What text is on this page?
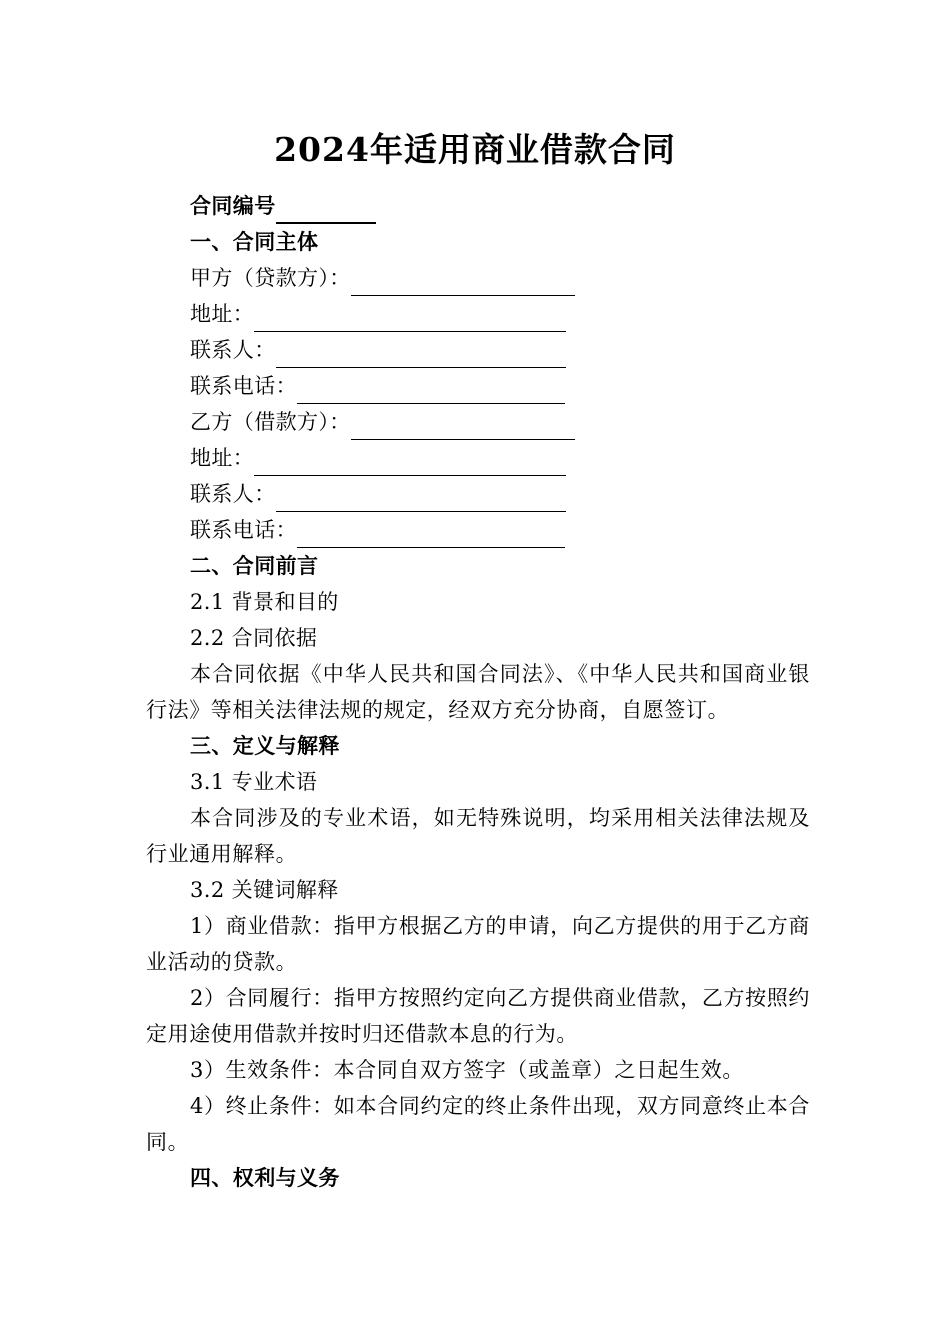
2024年适用商业借款合同
合同编号
一、合同主体
甲方（贷款方）：
地址：
联系人：
联系电话：
乙方（借款方）：
地址：
联系人：
联系电话：
二、合同前言
2.1 背景和目的
2.2 合同依据
本合同依据《中华人民共和国合同法》、《中华人民共和国商业银行法》等相关法律法规的规定，经双方充分协商，自愿签订。
三、定义与解释
3.1 专业术语
本合同涉及的专业术语，如无特殊说明，均采用相关法律法规及行业通用解释。
3.2 关键词解释
1）商业借款：指甲方根据乙方的申请，向乙方提供的用于乙方商业活动的贷款。
2）合同履行：指甲方按照约定向乙方提供商业借款，乙方按照约定用途使用借款并按时归还借款本息的行为。
3）生效条件：本合同自双方签字（或盖章）之日起生效。
4）终止条件：如本合同约定的终止条件出现，双方同意终止本合同。
四、权利与义务
